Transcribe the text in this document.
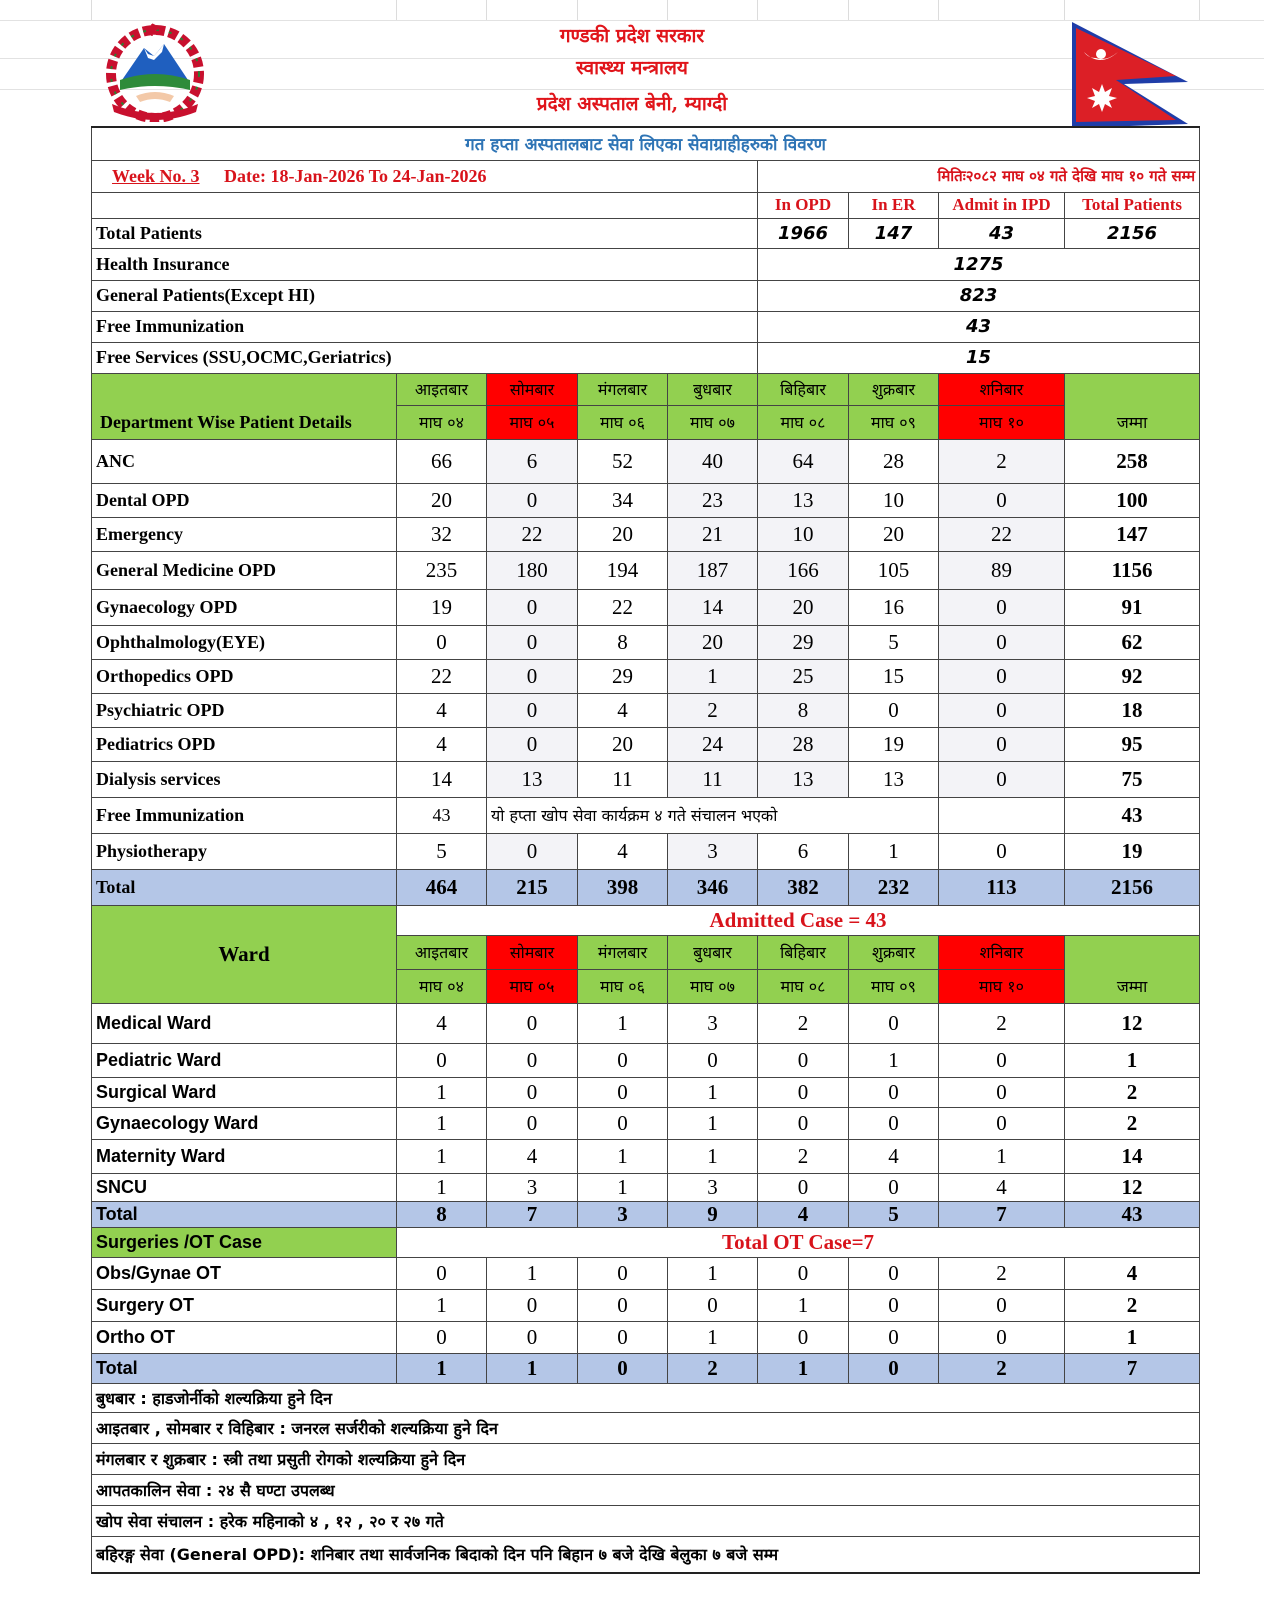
गण्डकी प्रदेश सरकार
स्वास्थ्य मन्त्रालय
प्रदेश अस्पताल बेनी, म्याग्दी
गत हप्ता अस्पतालबाट सेवा लिएका सेवाग्राहीहरुको विवरण								
Week No. 3 Date: 18-Jan-2026 To 24-Jan-2026					मितिः२०८२ माघ ०४ गते देखि माघ १० गते सम्म			
					In OPD	In ER	Admit in IPD	Total Patients
Total Patients					1966	147	43	2156
Health Insurance					1275			
General Patients(Except HI)					823			
Free Immunization					43			
Free Services (SSU,OCMC,Geriatrics)					15			
Department Wise Patient Details	आइतबार	सोमबार	मंगलबार	बुधबार	बिहिबार	शुक्रबार	शनिबार	जम्मा
	माघ ०४	माघ ०५	माघ ०६	माघ ०७	माघ ०८	माघ ०९	माघ १०	
ANC	66	6	52	40	64	28	2	258
Dental OPD	20	0	34	23	13	10	0	100
Emergency	32	22	20	21	10	20	22	147
General Medicine OPD	235	180	194	187	166	105	89	1156
Gynaecology OPD	19	0	22	14	20	16	0	91
Ophthalmology(EYE)	0	0	8	20	29	5	0	62
Orthopedics OPD	22	0	29	1	25	15	0	92
Psychiatric OPD	4	0	4	2	8	0	0	18
Pediatrics OPD	4	0	20	24	28	19	0	95
Dialysis services	14	13	11	11	13	13	0	75
Free Immunization	43	यो हप्ता खोप सेवा कार्यक्रम ४ गते संचालन भएको						43
Physiotherapy	5	0	4	3	6	1	0	19
Total	464	215	398	346	382	232	113	2156
Ward	Admitted Case = 43							
	आइतबार	सोमबार	मंगलबार	बुधबार	बिहिबार	शुक्रबार	शनिबार	जम्मा
	माघ ०४	माघ ०५	माघ ०६	माघ ०७	माघ ०८	माघ ०९	माघ १०	
Medical Ward	4	0	1	3	2	0	2	12
Pediatric Ward	0	0	0	0	0	1	0	1
Surgical Ward	1	0	0	1	0	0	0	2
Gynaecology Ward	1	0	0	1	0	0	0	2
Maternity Ward	1	4	1	1	2	4	1	14
SNCU	1	3	1	3	0	0	4	12
Total	8	7	3	9	4	5	7	43
Surgeries /OT Case	Total OT Case=7							
Obs/Gynae OT	0	1	0	1	0	0	2	4
Surgery OT	1	0	0	0	1	0	0	2
Ortho OT	0	0	0	1	0	0	0	1
Total	1	1	0	2	1	0	2	7
बुधबार : हाडजोर्नीको शल्यक्रिया हुने दिन								
आइतबार , सोमबार र विहिबार : जनरल सर्जरीको शल्यक्रिया हुने दिन								
मंगलबार र शुक्रबार : स्त्री तथा प्रसुती रोगको शल्यक्रिया हुने दिन								
आपतकालिन सेवा : २४ सै घण्टा उपलब्ध								
खोप सेवा संचालन : हरेक महिनाको ४ , १२ , २० र २७ गते								
बहिरङ्ग सेवा (General OPD): शनिबार तथा सार्वजनिक बिदाको दिन पनि बिहान ७ बजे देखि बेलुका ७ बजे सम्म								
